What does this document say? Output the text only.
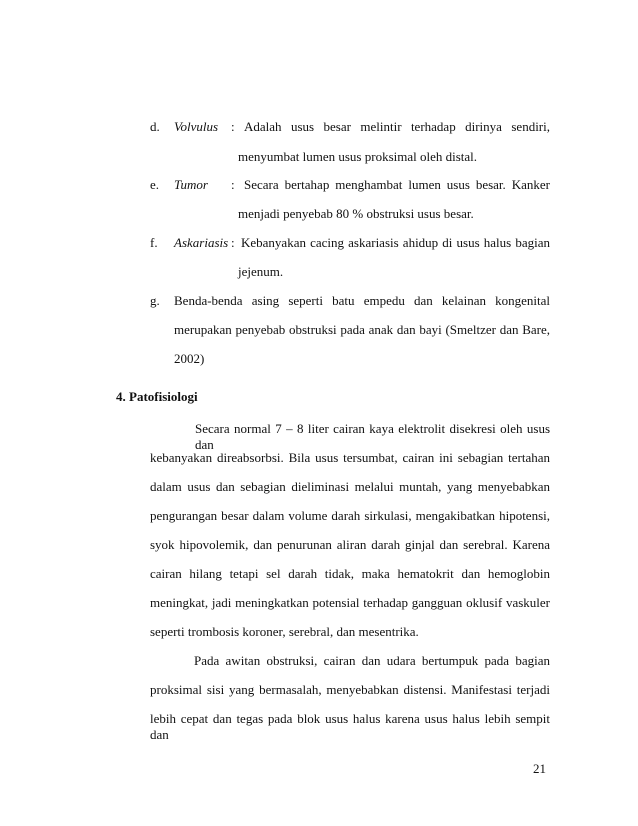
d. Volvulus : Adalah usus besar melintir terhadap dirinya sendiri,
menyumbat lumen usus proksimal oleh distal.
e. Tumor : Secara bertahap menghambat lumen usus besar. Kanker
menjadi penyebab 80 % obstruksi usus besar.
f. Askariasis : Kebanyakan cacing askariasis ahidup di usus halus bagian
jejenum.
g. Benda-benda asing seperti batu empedu dan kelainan kongenital
merupakan penyebab obstruksi pada anak dan bayi (Smeltzer dan Bare,
2002)
4. Patofisiologi
Secara normal 7 – 8 liter cairan kaya elektrolit disekresi oleh usus dan
kebanyakan direabsorbsi. Bila usus tersumbat, cairan ini sebagian tertahan
dalam usus dan sebagian dieliminasi melalui muntah, yang menyebabkan
pengurangan besar dalam volume darah sirkulasi, mengakibatkan hipotensi,
syok hipovolemik, dan penurunan aliran darah ginjal dan serebral. Karena
cairan hilang tetapi sel darah tidak, maka hematokrit dan hemoglobin
meningkat, jadi meningkatkan potensial terhadap gangguan oklusif vaskuler
seperti trombosis koroner, serebral, dan mesentrika.
Pada awitan obstruksi, cairan dan udara bertumpuk pada bagian
proksimal sisi yang bermasalah, menyebabkan distensi. Manifestasi terjadi
lebih cepat dan tegas pada blok usus halus karena usus halus lebih sempit dan
21
